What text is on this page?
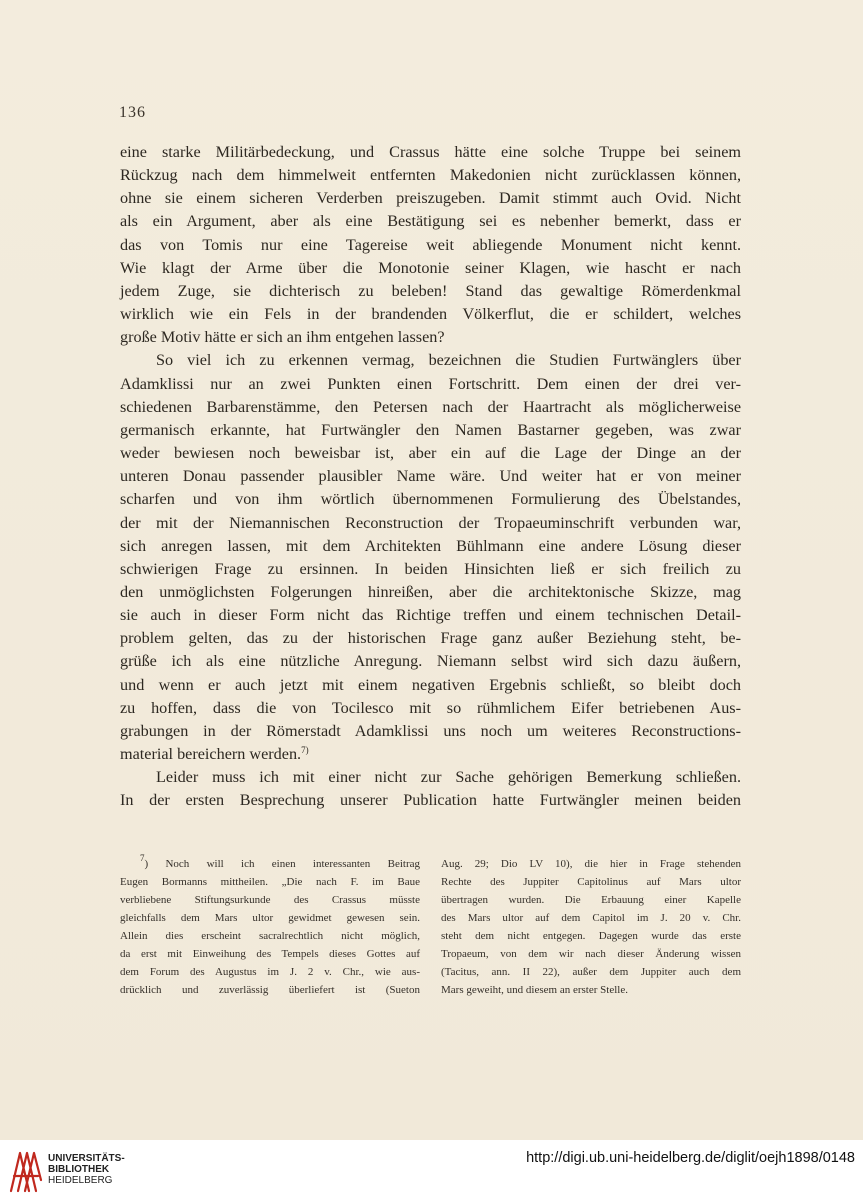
136

eine starke Militärbedeckung, und Crassus hätte eine solche Truppe bei seinem
Rückzug nach dem himmelweit entfernten Makedonien nicht zurücklassen können,
ohne sie einem sicheren Verderben preiszugeben. Damit stimmt auch Ovid. Nicht
als ein Argument, aber als eine Bestätigung sei es nebenher bemerkt, dass er
das von Tomis nur eine Tagereise weit abliegende Monument nicht kennt.
Wie klagt der Arme über die Monotonie seiner Klagen, wie hascht er nach
jedem Zuge, sie dichterisch zu beleben! Stand das gewaltige Römerdenkmal
wirklich wie ein Fels in der brandenden Völkerflut, die er schildert, welches
große Motiv hätte er sich an ihm entgehen lassen?

So viel ich zu erkennen vermag, bezeichnen die Studien Furtwänglers über
Adamklissi nur an zwei Punkten einen Fortschritt. Dem einen der drei ver-
schiedenen Barbarenstämme, den Petersen nach der Haartracht als möglicherweise
germanisch erkannte, hat Furtwängler den Namen Bastarner gegeben, was zwar
weder bewiesen noch beweisbar ist, aber ein auf die Lage der Dinge an der
unteren Donau passender plausibler Name wäre. Und weiter hat er von meiner
scharfen und von ihm wörtlich übernommenen Formulierung des Übelstandes,
der mit der Niemannischen Reconstruction der Tropaeuminschrift verbunden war,
sich anregen lassen, mit dem Architekten Bühlmann eine andere Lösung dieser
schwierigen Frage zu ersinnen. In beiden Hinsichten ließ er sich freilich zu
den unmöglichsten Folgerungen hinreißen, aber die architektonische Skizze, mag
sie auch in dieser Form nicht das Richtige treffen und einem technischen Detail-
problem gelten, das zu der historischen Frage ganz außer Beziehung steht, be-
grüße ich als eine nützliche Anregung. Niemann selbst wird sich dazu äußern,
und wenn er auch jetzt mit einem negativen Ergebnis schließt, so bleibt doch
zu hoffen, dass die von Tocilesco mit so rühmlichem Eifer betriebenen Aus-
grabungen in der Römerstadt Adamklissi uns noch um weiteres Reconstructions-
material bereichern werden.$^{7)}$

Leider muss ich mit einer nicht zur Sache gehörigen Bemerkung schließen.
In der ersten Besprechung unserer Publication hatte Furtwängler meinen beiden

$^7$) Noch will ich einen interessanten Beitrag
Eugen Bormanns mittheilen. „Die nach F. im Baue
verbliebene Stiftungsurkunde des Crassus müsste
gleichfalls dem Mars ultor gewidmet gewesen sein.
Allein dies erscheint sacralrechtlich nicht möglich,
da erst mit Einweihung des Tempels dieses Gottes auf
dem Forum des Augustus im J. 2 v. Chr., wie aus-
drücklich und zuverlässig überliefert ist (Sueton
Aug. 29; Dio LV 10), die hier in Frage stehenden
Rechte des Juppiter Capitolinus auf Mars ultor
übertragen wurden. Die Erbauung einer Kapelle
des Mars ultor auf dem Capitol im J. 20 v. Chr.
steht dem nicht entgegen. Dagegen wurde das erste
Tropaeum, von dem wir nach dieser Änderung wissen
(Tacitus, ann. II 22), außer dem Juppiter auch dem
Mars geweiht, und diesem an erster Stelle.
UNIVERSITÄTS-
BIBLIOTHEK
HEIDELBERG
http://digi.ub.uni-heidelberg.de/diglit/oejh1898/0148
